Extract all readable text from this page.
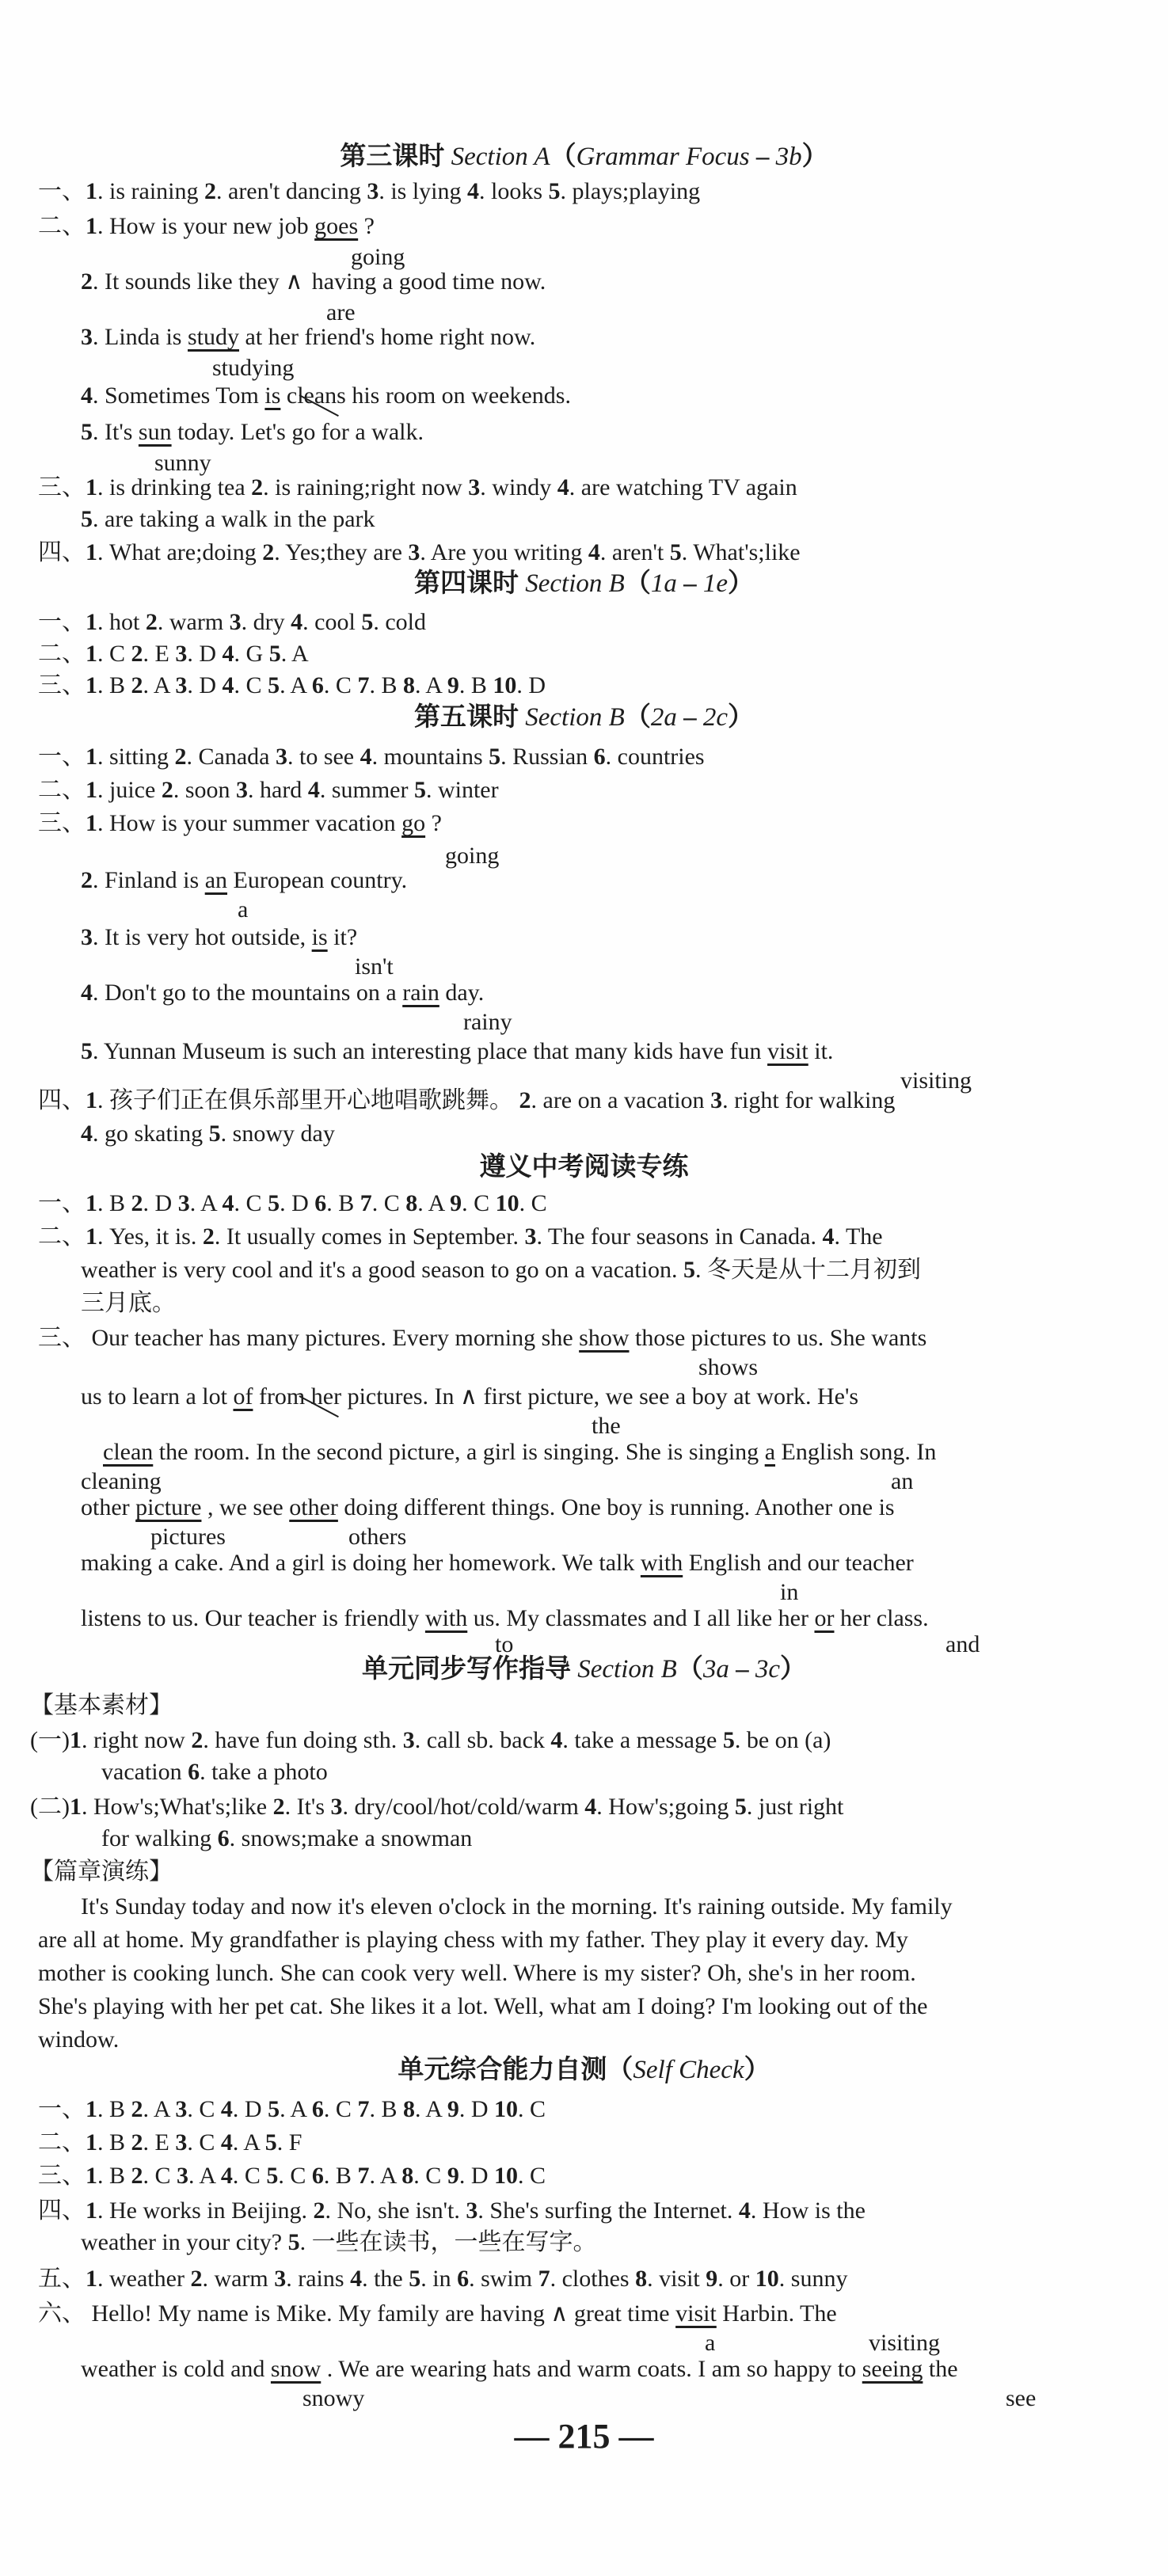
第三课时 Section A（Grammar Focus – 3b）
一、1. is raining 2. aren't dancing 3. is lying 4. looks 5. plays;playing
二、1. How is your new job goes ?
going
2. It sounds like they ∧ having a good time now.
are
3. Linda is study at her friend's home right now.
studying
4. Sometimes Tom is cleans his room on weekends.
5. It's sun today. Let's go for a walk.
sunny
三、1. is drinking tea 2. is raining;right now 3. windy 4. are watching TV again
5. are taking a walk in the park
四、1. What are;doing 2. Yes;they are 3. Are you writing 4. aren't 5. What's;like
第四课时 Section B（1a – 1e）
一、1. hot 2. warm 3. dry 4. cool 5. cold
二、1. C 2. E 3. D 4. G 5. A
三、1. B 2. A 3. D 4. C 5. A 6. C 7. B 8. A 9. B 10. D
第五课时 Section B（2a – 2c）
一、1. sitting 2. Canada 3. to see 4. mountains 5. Russian 6. countries
二、1. juice 2. soon 3. hard 4. summer 5. winter
三、1. How is your summer vacation go ?
going
2. Finland is an European country.
a
3. It is very hot outside, is it?
isn't
4. Don't go to the mountains on a rain day.
rainy
5. Yunnan Museum is such an interesting place that many kids have fun visit it.
visiting
四、1. 孩子们正在俱乐部里开心地唱歌跳舞。 2. are on a vacation 3. right for walking
4. go skating 5. snowy day
遵义中考阅读专练
一、1. B 2. D 3. A 4. C 5. D 6. B 7. C 8. A 9. C 10. C
二、1. Yes, it is. 2. It usually comes in September. 3. The four seasons in Canada. 4. The
weather is very cool and it's a good season to go on a vacation. 5. 冬天是从十二月初到
三月底。
三、 Our teacher has many pictures. Every morning she show those pictures to us. She wants
shows
us to learn a lot of from her pictures. In ∧ first picture, we see a boy at work. He's
the
clean the room. In the second picture, a girl is singing. She is singing a English song. In
cleaning	an
other picture , we see other doing different things. One boy is running. Another one is
pictures	others
making a cake. And a girl is doing her homework. We talk with English and our teacher
in
listens to us. Our teacher is friendly with us. My classmates and I all like her or her class.
to	and
单元同步写作指导 Section B（3a – 3c）
【基本素材】
(一)1. right now 2. have fun doing sth. 3. call sb. back 4. take a message 5. be on (a)
vacation 6. take a photo
(二)1. How's;What's;like 2. It's 3. dry/cool/hot/cold/warm 4. How's;going 5. just right
for walking 6. snows;make a snowman
【篇章演练】
It's Sunday today and now it's eleven o'clock in the morning. It's raining outside. My family
are all at home. My grandfather is playing chess with my father. They play it every day. My
mother is cooking lunch. She can cook very well. Where is my sister? Oh, she's in her room.
She's playing with her pet cat. She likes it a lot. Well, what am I doing? I'm looking out of the
window.
单元综合能力自测（Self Check）
一、1. B 2. A 3. C 4. D 5. A 6. C 7. B 8. A 9. D 10. C
二、1. B 2. E 3. C 4. A 5. F
三、1. B 2. C 3. A 4. C 5. C 6. B 7. A 8. C 9. D 10. C
四、1. He works in Beijing. 2. No, she isn't. 3. She's surfing the Internet. 4. How is the
weather in your city? 5. 一些在读书，一些在写字。
五、1. weather 2. warm 3. rains 4. the 5. in 6. swim 7. clothes 8. visit 9. or 10. sunny
六、 Hello! My name is Mike. My family are having ∧ great time visit Harbin. The
a	visiting
weather is cold and snow . We are wearing hats and warm coats. I am so happy to seeing the
snowy	see
— 215 —
